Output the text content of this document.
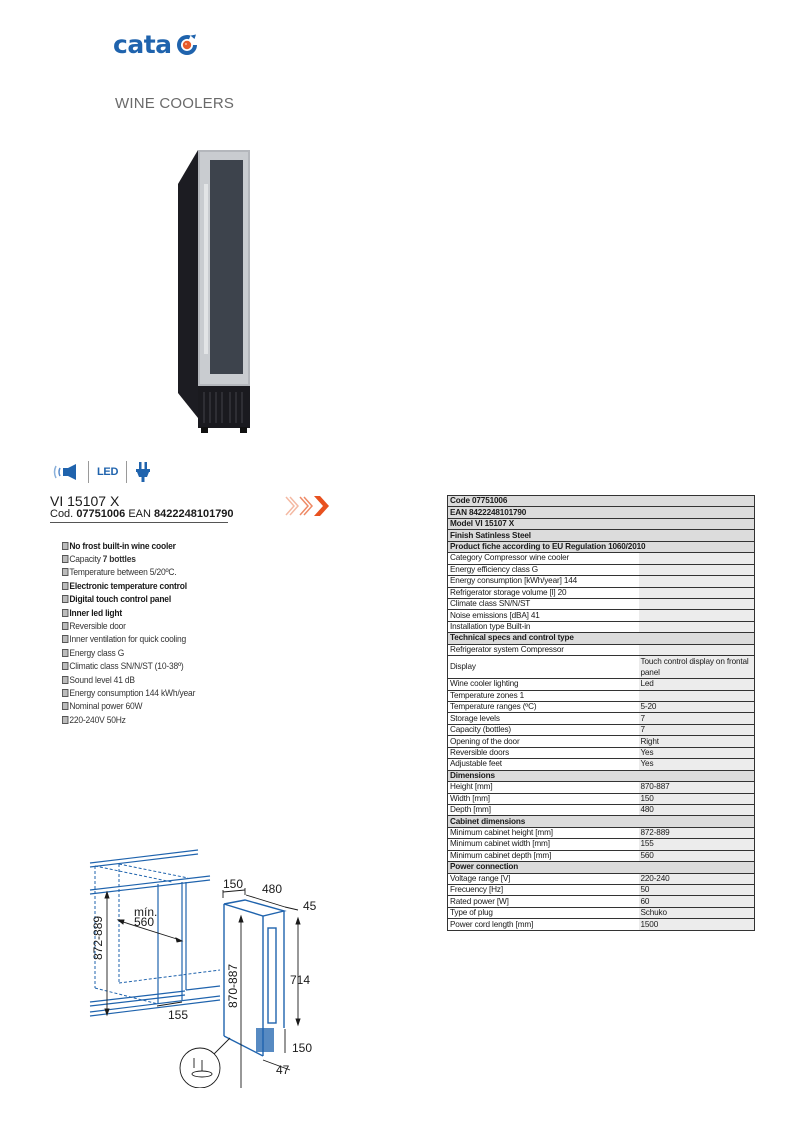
cata
WINE COOLERS
LED
VI 15107 X
Cod. 07751006 EAN 8422248101790
No frost built-in wine cooler
Capacity 7 bottles
Temperature between 5/20ºC.
Electronic temperature control
Digital touch control panel
Inner led light
Reversible door
Inner ventilation for quick cooling
Energy class G
Climatic class SN/N/ST (10-38º)
Sound level 41 dB
Energy consumption 144 kWh/year
Nominal power 60W
220-240V 50Hz
Code 07751006	
EAN 8422248101790	
Model VI 15107 X	
Finish Satinless Steel	
Product fiche according to EU Regulation 1060/2010	
Category Compressor wine cooler	
Energy efficiency class G	
Energy consumption [kWh/year] 144	
Refrigerator storage volume [l] 20	
Climate class SN/N/ST	
Noise emissions [dBA] 41	
Installation type Built-in	
Technical specs and control type	
Refrigerator system Compressor	
Display	Touch control display on frontal panel
Wine cooler lighting	Led
Temperature zones 1	
Temperature ranges (ºC)	5-20
Storage levels	7
Capacity (bottles)	7
Opening of the door	Right
Reversible doors	Yes
Adjustable feet	Yes
Dimensions	
Height [mm]	870-887
Width [mm]	150
Depth [mm]	480
Cabinet dimensions	
Minimum cabinet height [mm]	872-889
Minimum cabinet width [mm]	155
Minimum cabinet depth [mm]	560
Power connection	
Voltage range [V]	220-240
Frecuency [Hz]	50
Rated power [W]	60
Type of plug	Schuko
Power cord length [mm]	1500
872-889
mín.
560
155
150 480
45
870-887	714
150
47
